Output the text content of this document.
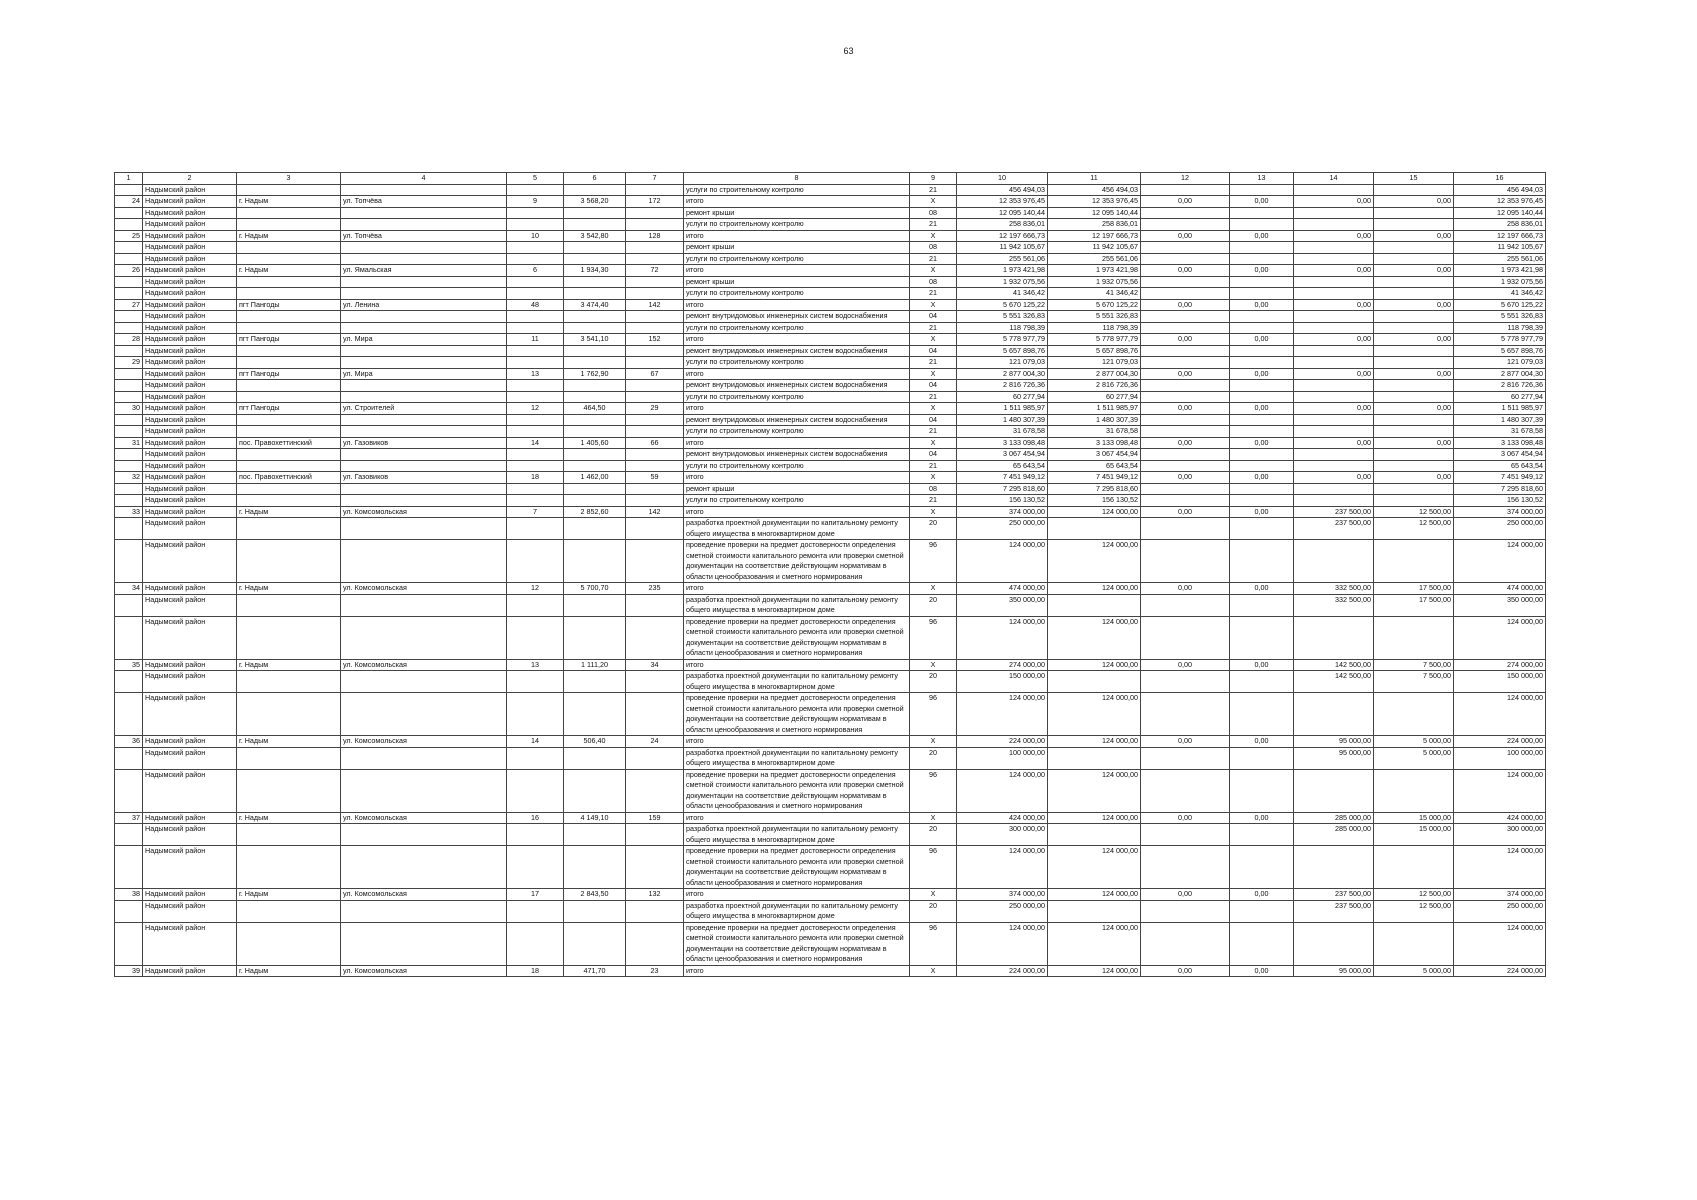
63
1	2	3	4	5	6	7	8	9	10	11	12	13	14	15	16
	Надымский район						услуги по строительному контролю	21	456 494,03	456 494,03					456 494,03
24	Надымский район	г. Надым	ул. Топчёва	9	3 568,20	172	итого	X	12 353 976,45	12 353 976,45	0,00	0,00	0,00	0,00	12 353 976,45
	Надымский район						ремонт крыши	08	12 095 140,44	12 095 140,44					12 095 140,44
	Надымский район						услуги по строительному контролю	21	258 836,01	258 836,01					258 836,01
25	Надымский район	г. Надым	ул. Топчёва	10	3 542,80	128	итого	X	12 197 666,73	12 197 666,73	0,00	0,00	0,00	0,00	12 197 666,73
	Надымский район						ремонт крыши	08	11 942 105,67	11 942 105,67					11 942 105,67
	Надымский район						услуги по строительному контролю	21	255 561,06	255 561,06					255 561,06
26	Надымский район	г. Надым	ул. Ямальская	6	1 934,30	72	итого	X	1 973 421,98	1 973 421,98	0,00	0,00	0,00	0,00	1 973 421,98
	Надымский район						ремонт крыши	08	1 932 075,56	1 932 075,56					1 932 075,56
	Надымский район						услуги по строительному контролю	21	41 346,42	41 346,42					41 346,42
27	Надымский район	пгт Пангоды	ул. Ленина	48	3 474,40	142	итого	X	5 670 125,22	5 670 125,22	0,00	0,00	0,00	0,00	5 670 125,22
	Надымский район						ремонт внутридомовых инженерных систем водоснабжения	04	5 551 326,83	5 551 326,83					5 551 326,83
	Надымский район						услуги по строительному контролю	21	118 798,39	118 798,39					118 798,39
28	Надымский район	пгт Пангоды	ул. Мира	11	3 541,10	152	итого	X	5 778 977,79	5 778 977,79	0,00	0,00	0,00	0,00	5 778 977,79
	Надымский район						ремонт внутридомовых инженерных систем водоснабжения	04	5 657 898,76	5 657 898,76					5 657 898,76
29	Надымский район						услуги по строительному контролю	21	121 079,03	121 079,03					121 079,03
	Надымский район	пгт Пангоды	ул. Мира	13	1 762,90	67	итого	X	2 877 004,30	2 877 004,30	0,00	0,00	0,00	0,00	2 877 004,30
	Надымский район						ремонт внутридомовых инженерных систем водоснабжения	04	2 816 726,36	2 816 726,36					2 816 726,36
	Надымский район						услуги по строительному контролю	21	60 277,94	60 277,94					60 277,94
30	Надымский район	пгт Пангоды	ул. Строителей	12	464,50	29	итого	X	1 511 985,97	1 511 985,97	0,00	0,00	0,00	0,00	1 511 985,97
	Надымский район						ремонт внутридомовых инженерных систем водоснабжения	04	1 480 307,39	1 480 307,39					1 480 307,39
	Надымский район						услуги по строительному контролю	21	31 678,58	31 678,58					31 678,58
31	Надымский район	пос. Правохеттинский	ул. Газовиков	14	1 405,60	66	итого	X	3 133 098,48	3 133 098,48	0,00	0,00	0,00	0,00	3 133 098,48
	Надымский район						ремонт внутридомовых инженерных систем водоснабжения	04	3 067 454,94	3 067 454,94					3 067 454,94
	Надымский район						услуги по строительному контролю	21	65 643,54	65 643,54					65 643,54
32	Надымский район	пос. Правохеттинский	ул. Газовиков	18	1 462,00	59	итого	X	7 451 949,12	7 451 949,12	0,00	0,00	0,00	0,00	7 451 949,12
	Надымский район						ремонт крыши	08	7 295 818,60	7 295 818,60					7 295 818,60
	Надымский район						услуги по строительному контролю	21	156 130,52	156 130,52					156 130,52
33	Надымский район	г. Надым	ул. Комсомольская	7	2 852,60	142	итого	X	374 000,00	124 000,00	0,00	0,00	237 500,00	12 500,00	374 000,00
	Надымский район						разработка проектной документации по капитальному ремонту общего имущества в многоквартирном доме	20	250 000,00				237 500,00	12 500,00	250 000,00
	Надымский район						проведение проверки на предмет достоверности определения сметной стоимости капитального ремонта или проверки сметной документации на соответствие действующим нормативам в области ценообразования и сметного нормирования	96	124 000,00	124 000,00					124 000,00
34	Надымский район	г. Надым	ул. Комсомольская	12	5 700,70	235	итого	X	474 000,00	124 000,00	0,00	0,00	332 500,00	17 500,00	474 000,00
	Надымский район						разработка проектной документации по капитальному ремонту общего имущества в многоквартирном доме	20	350 000,00				332 500,00	17 500,00	350 000,00
	Надымский район						проведение проверки на предмет достоверности определения сметной стоимости капитального ремонта или проверки сметной документации на соответствие действующим нормативам в области ценообразования и сметного нормирования	96	124 000,00	124 000,00					124 000,00
35	Надымский район	г. Надым	ул. Комсомольская	13	1 111,20	34	итого	X	274 000,00	124 000,00	0,00	0,00	142 500,00	7 500,00	274 000,00
	Надымский район						разработка проектной документации по капитальному ремонту общего имущества в многоквартирном доме	20	150 000,00				142 500,00	7 500,00	150 000,00
	Надымский район						проведение проверки на предмет достоверности определения сметной стоимости капитального ремонта или проверки сметной документации на соответствие действующим нормативам в области ценообразования и сметного нормирования	96	124 000,00	124 000,00					124 000,00
36	Надымский район	г. Надым	ул. Комсомольская	14	506,40	24	итого	X	224 000,00	124 000,00	0,00	0,00	95 000,00	5 000,00	224 000,00
	Надымский район						разработка проектной документации по капитальному ремонту общего имущества в многоквартирном доме	20	100 000,00				95 000,00	5 000,00	100 000,00
	Надымский район						проведение проверки на предмет достоверности определения сметной стоимости капитального ремонта или проверки сметной документации на соответствие действующим нормативам в области ценообразования и сметного нормирования	96	124 000,00	124 000,00					124 000,00
37	Надымский район	г. Надым	ул. Комсомольская	16	4 149,10	159	итого	X	424 000,00	124 000,00	0,00	0,00	285 000,00	15 000,00	424 000,00
	Надымский район						разработка проектной документации по капитальному ремонту общего имущества в многоквартирном доме	20	300 000,00				285 000,00	15 000,00	300 000,00
	Надымский район						проведение проверки на предмет достоверности определения сметной стоимости капитального ремонта или проверки сметной документации на соответствие действующим нормативам в области ценообразования и сметного нормирования	96	124 000,00	124 000,00					124 000,00
38	Надымский район	г. Надым	ул. Комсомольская	17	2 843,50	132	итого	X	374 000,00	124 000,00	0,00	0,00	237 500,00	12 500,00	374 000,00
	Надымский район						разработка проектной документации по капитальному ремонту общего имущества в многоквартирном доме	20	250 000,00				237 500,00	12 500,00	250 000,00
	Надымский район						проведение проверки на предмет достоверности определения сметной стоимости капитального ремонта или проверки сметной документации на соответствие действующим нормативам в области ценообразования и сметного нормирования	96	124 000,00	124 000,00					124 000,00
39	Надымский район	г. Надым	ул. Комсомольская	18	471,70	23	итого	X	224 000,00	124 000,00	0,00	0,00	95 000,00	5 000,00	224 000,00
